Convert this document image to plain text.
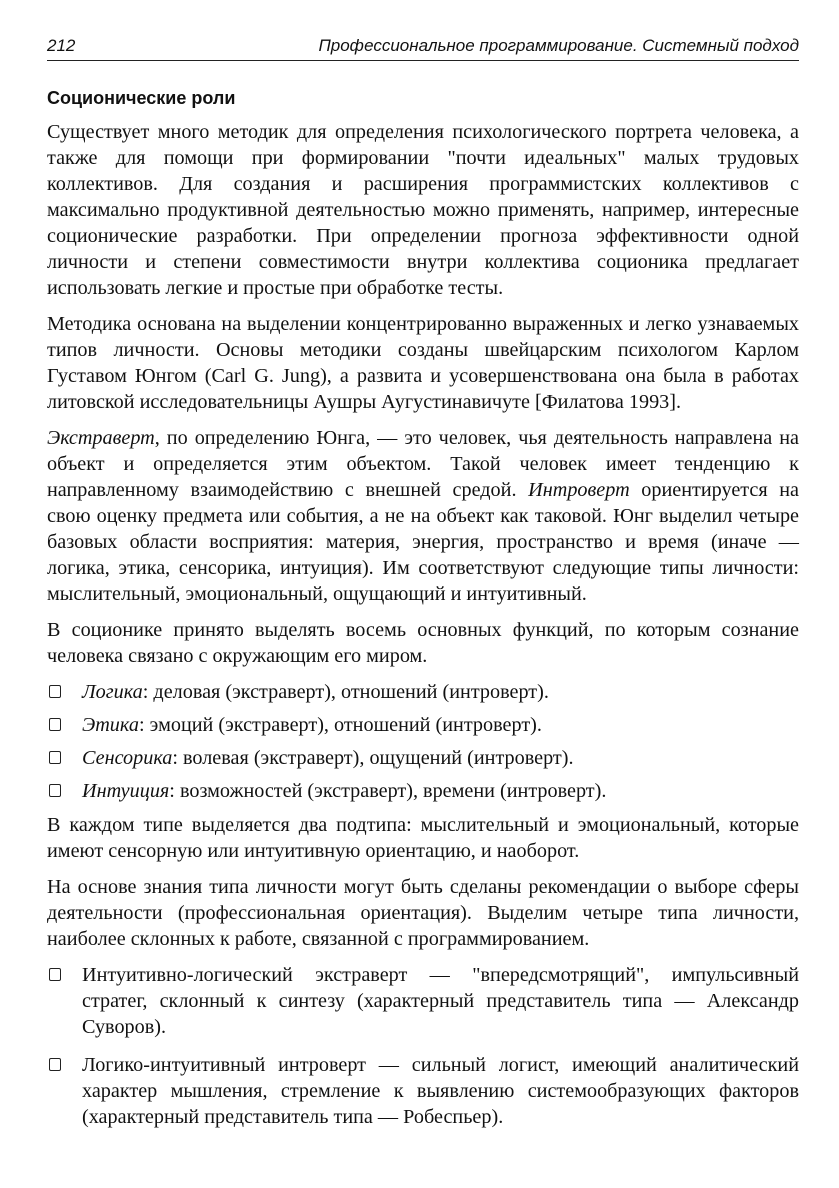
212	Профессиональное программирование. Системный подход
Соционические роли

Существует много методик для определения психологического портрета человека, а также для помощи при формировании "почти идеальных" малых трудовых коллективов. Для создания и расширения программистских коллективов с максимально продуктивной деятельностью можно применять, например, интересные соционические разработки. При определении прогноза эффективности одной личности и степени совместимости внутри коллектива соционика предлагает использовать легкие и простые при обработке тесты.

Методика основана на выделении концентрированно выраженных и легко узнаваемых типов личности. Основы методики созданы швейцарским психологом Карлом Густавом Юнгом (Carl G. Jung), а развита и усовершенствована она была в работах литовской исследовательницы Аушры Аугустинавичуте [Филатова 1993].

Экстраверт, по определению Юнга, — это человек, чья деятельность направлена на объект и определяется этим объектом. Такой человек имеет тенденцию к направленному взаимодействию с внешней средой. Интроверт ориентируется на свою оценку предмета или события, а не на объект как таковой. Юнг выделил четыре базовых области восприятия: материя, энергия, пространство и время (иначе — логика, этика, сенсорика, интуиция). Им соответствуют следующие типы личности: мыслительный, эмоциональный, ощущающий и интуитивный.

В соционике принято выделять восемь основных функций, по которым сознание человека связано с окружающим его миром.

Логика: деловая (экстраверт), отношений (интроверт).
Этика: эмоций (экстраверт), отношений (интроверт).
Сенсорика: волевая (экстраверт), ощущений (интроверт).
Интуиция: возможностей (экстраверт), времени (интроверт).

В каждом типе выделяется два подтипа: мыслительный и эмоциональный, которые имеют сенсорную или интуитивную ориентацию, и наоборот.

На основе знания типа личности могут быть сделаны рекомендации о выборе сферы деятельности (профессиональная ориентация). Выделим четыре типа личности, наиболее склонных к работе, связанной с программированием.

Интуитивно-логический экстраверт — "впередсмотрящий", импульсивный стратег, склонный к синтезу (характерный представитель типа — Александр Суворов).
Логико-интуитивный интроверт — сильный логист, имеющий аналитический характер мышления, стремление к выявлению системообразующих факторов (характерный представитель типа — Робеспьер).
